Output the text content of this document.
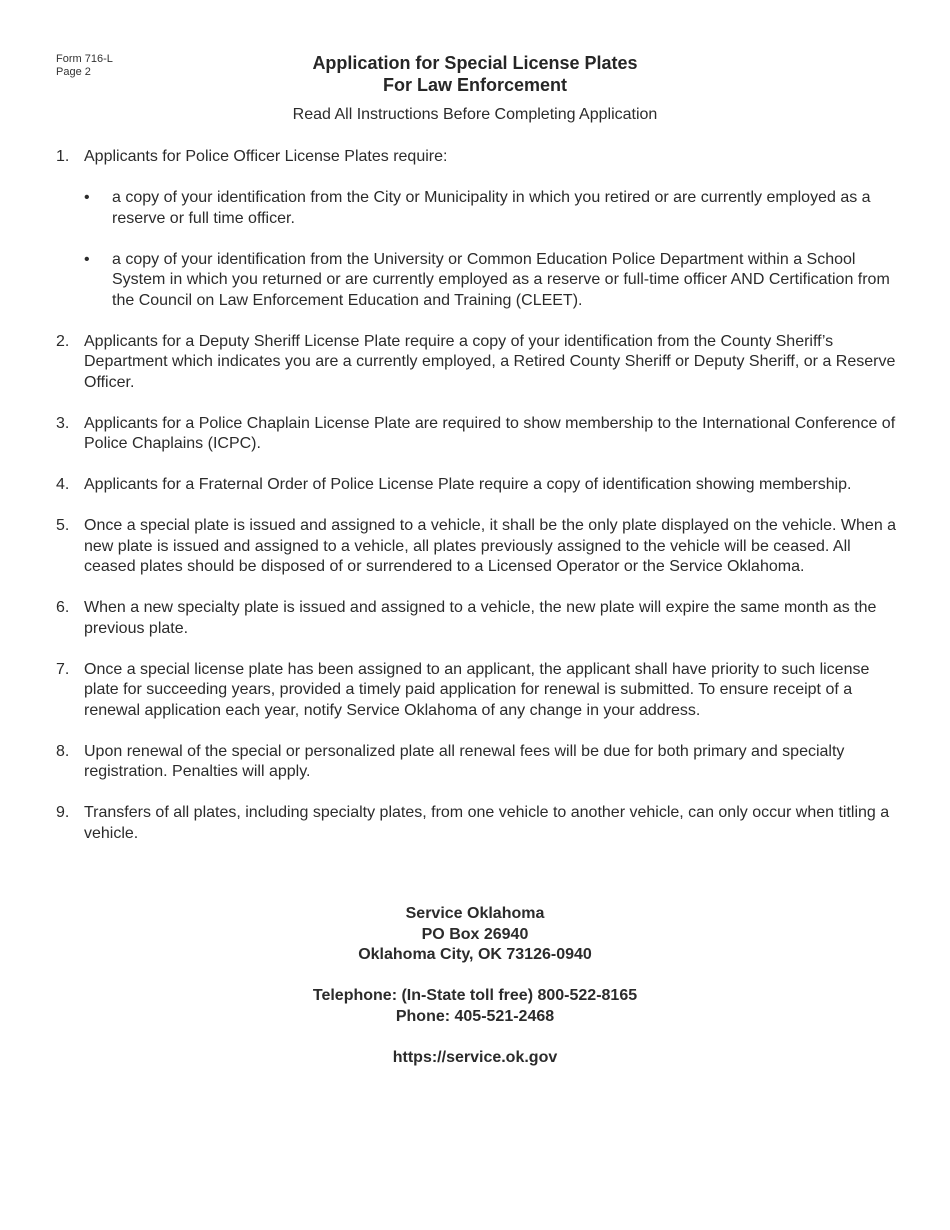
Form 716-L
Page 2	Application for Special License Plates
For Law Enforcement
Read All Instructions Before Completing Application
1. Applicants for Police Officer License Plates require:
•	a copy of your identification from the City or Municipality in which you retired or are currently employed as a reserve or full time officer.
•	a copy of your identification from the University or Common Education Police Department within a School System in which you returned or are currently employed as a reserve or full-time officer AND Certification from the Council on Law Enforcement Education and Training (CLEET).
2. Applicants for a Deputy Sheriff License Plate require a copy of your identification from the County Sheriff’s Department which indicates you are a currently employed, a Retired County Sheriff or Deputy Sheriff, or a Reserve Officer.
3. Applicants for a Police Chaplain License Plate are required to show membership to the International Conference of Police Chaplains (ICPC).
4. Applicants for a Fraternal Order of Police License Plate require a copy of identification showing membership.
5. Once a special plate is issued and assigned to a vehicle, it shall be the only plate displayed on the vehicle. When a new plate is issued and assigned to a vehicle, all plates previously assigned to the vehicle will be ceased. All ceased plates should be disposed of or surrendered to a Licensed Operator or the Service Oklahoma.
6. When a new specialty plate is issued and assigned to a vehicle, the new plate will expire the same month as the previous plate.
7. Once a special license plate has been assigned to an applicant, the applicant shall have priority to such license plate for succeeding years, provided a timely paid application for renewal is submitted. To ensure receipt of a renewal application each year, notify Service Oklahoma of any change in your address.
8. Upon renewal of the special or personalized plate all renewal fees will be due for both primary and specialty registration. Penalties will apply.
9. Transfers of all plates, including specialty plates, from one vehicle to another vehicle, can only occur when titling a vehicle.
Service Oklahoma
PO Box 26940
Oklahoma City, OK 73126-0940
Telephone: (In-State toll free) 800-522-8165
Phone: 405-521-2468
https://service.ok.gov
